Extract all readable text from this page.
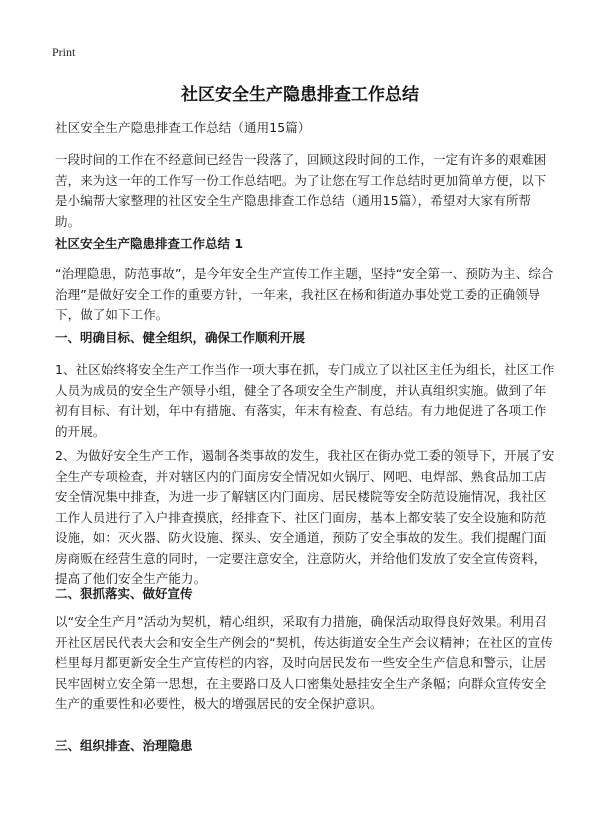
Print
社区安全生产隐患排查工作总结

社区安全生产隐患排查工作总结（通用15篇）

一段时间的工作在不经意间已经告一段落了，回顾这段时间的工作，一定有许多的艰难困苦，来为这一年的工作写一份工作总结吧。为了让您在写工作总结时更加简单方便，以下是小编帮大家整理的社区安全生产隐患排查工作总结（通用15篇），希望对大家有所帮助。

社区安全生产隐患排查工作总结 1

“治理隐患，防范事故”，是今年安全生产宣传工作主题，坚持“安全第一、预防为主、综合治理”是做好安全工作的重要方针，一年来，我社区在杨和街道办事处党工委的正确领导下，做了如下工作。

一、明确目标、健全组织，确保工作顺利开展

1、社区始终将安全生产工作当作一项大事在抓，专门成立了以社区主任为组长，社区工作人员为成员的安全生产领导小组，健全了各项安全生产制度，并认真组织实施。做到了年初有目标、有计划，年中有措施、有落实，年末有检查、有总结。有力地促进了各项工作的开展。

2、为做好安全生产工作，遏制各类事故的发生，我社区在街办党工委的领导下，开展了安全生产专项检查，并对辖区内的门面房安全情况如火锅厅、网吧、电焊部、熟食品加工店安全情况集中排查，为进一步了解辖区内门面房、居民楼院等安全防范设施情况，我社区工作人员进行了入户排查摸底，经排查下、社区门面房，基本上都安装了安全设施和防范设施，如：灭火器、防火设施、探头、安全通道，预防了安全事故的发生。我们提醒门面房商贩在经营生意的同时，一定要注意安全，注意防火，并给他们发放了安全宣传资料，提高了他们安全生产能力。

二、狠抓落实、做好宣传

以“安全生产月”活动为契机，精心组织，采取有力措施，确保活动取得良好效果。利用召开社区居民代表大会和安全生产例会的“契机，传达街道安全生产会议精神；在社区的宣传栏里每月都更新安全生产宣传栏的内容，及时向居民发布一些安全生产信息和警示，让居民牢固树立安全第一思想，在主要路口及人口密集处悬挂安全生产条幅；向群众宣传安全生产的重要性和必要性，极大的增强居民的安全保护意识。

三、组织排查、治理隐患
